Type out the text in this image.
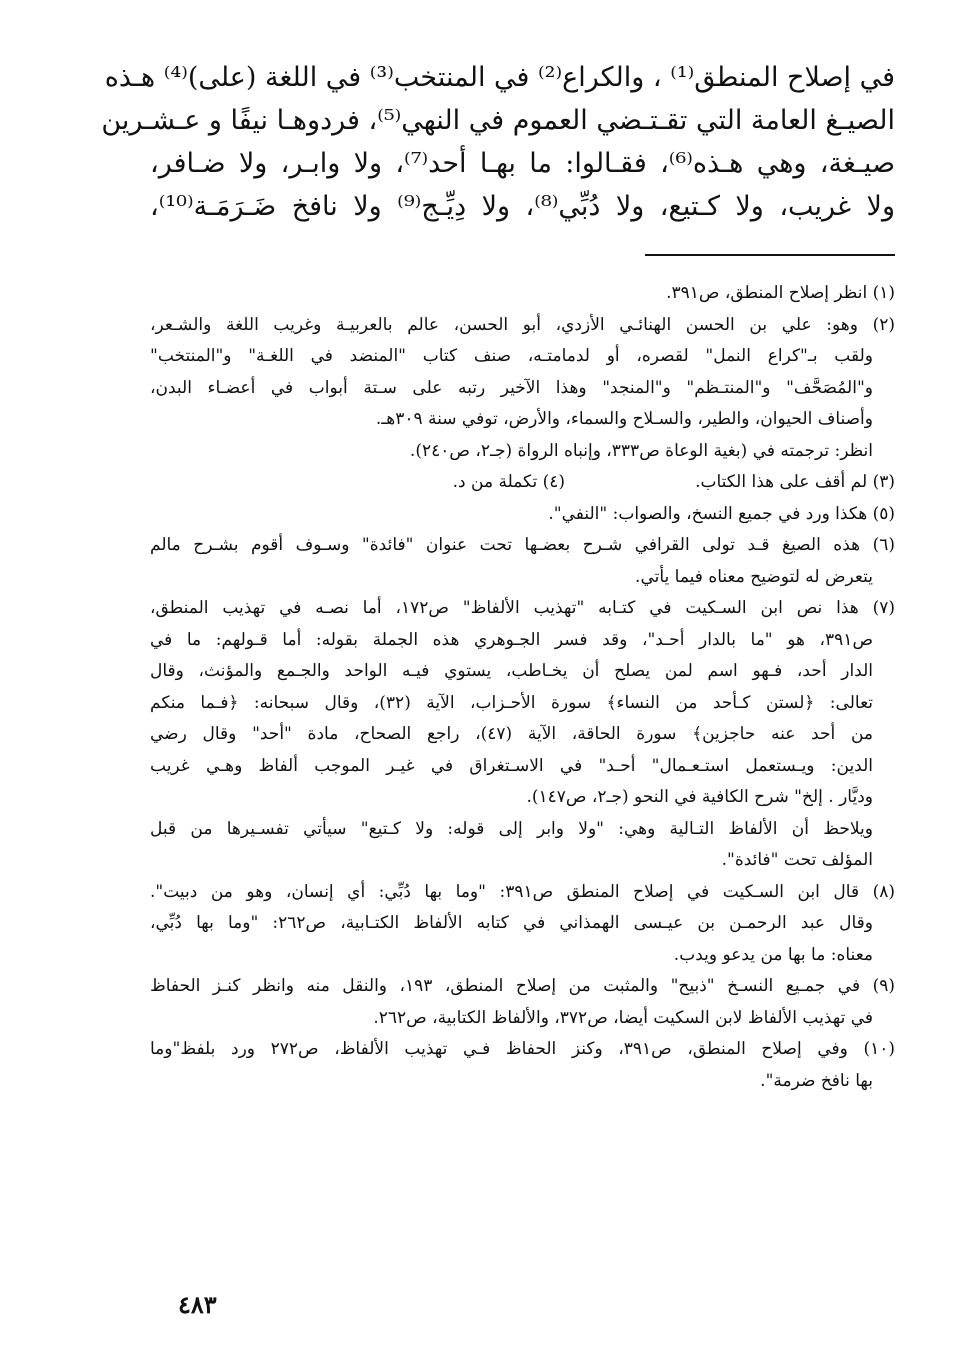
في إصلاح المنطق⁽¹⁾ ، والكراع⁽²⁾ في المنتخب⁽³⁾ في اللغة (على)⁽⁴⁾ هـذه
الصيـغ العامة التي تقـتـضي العموم في النهي⁽⁵⁾، فردوهـا نيفًا و عـشـرين
صيـغة، وهي هـذه⁽⁶⁾، فقـالوا: ما بهـا أحد⁽⁷⁾، ولا وابـر، ولا ضـافر،
ولا غريب، ولا كـتيع، ولا دُبِّي⁽⁸⁾، ولا دِيِّـج⁽⁹⁾ ولا نافخ ضَـرَمَـة⁽¹⁰⁾،
(١) انظر إصلاح المنطق، ص٣٩١.
(٢) وهو: علي بن الحسن الهنائـي الأزدي، أبو الحسن، عالم بالعربيـة وغريب اللغة والشـعر،
ولقب بـ"كراع النمل" لقصره، أو لدمامتـه، صنف كتاب "المنضد في اللغـة" و"المنتخب"
و"المُصَحَّف" و"المنتـظم" و"المنجد" وهذا الآخير رتبه على سـتة أبواب في أعضـاء البدن،
وأصناف الحيوان، والطير، والسـلاح والسماء، والأرض، توفي سنة ٣٠٩هـ.
انظر: ترجمته في (بغية الوعاة ص٣٣٣، وإنباه الرواة (جـ٢، ص٢٤٠).
(٣) لم أقف على هذا الكتاب.
(٤) تكملة من د.
(٥) هكذا ورد في جميع النسخ، والصواب: "النفي".
(٦) هذه الصيغ قـد تولى القرافي شـرح بعضـها تحت عنوان "فائدة" وسـوف أقوم بشـرح مالم
يتعرض له لتوضيح معناه فيما يأتي.
(٧) هذا نص ابن السـكيت في كتـابه "تهذيب الألفاظ" ص١٧٢، أما نصـه في تهذيب المنطق،
ص٣٩١، هو "ما بالدار أحـد"، وقد فسر الجـوهري هذه الجملة بقوله: أما قـولهم: ما في
الدار أحد، فـهو اسم لمن يصلح أن يخـاطب، يستوي فيـه الواحد والجـمع والمؤنث، وقال
تعالى: ﴿لستن كـأحد من النساء﴾ سورة الأحـزاب، الآية (٣٢)، وقال سبحانه: ﴿فـما منكم
من أحد عنه حاجزين﴾ سورة الحاقة، الآية (٤٧)، راجع الصحاح، مادة "أحد" وقال رضي
الدين: ويـستعمل استـعـمال" أحـد" في الاسـتغراق في غيـر الموجب ألفاظ وهـي غريب
وديَّار . إلخ" شرح الكافية في النحو (جـ٢، ص١٤٧).
ويلاحظ أن الألفاظ التـالية وهي: "ولا وابر إلى قوله: ولا كـتيع" سيأتي تفسـيرها من قبل
المؤلف تحت "فائدة".
(٨) قال ابن السـكيت في إصلاح المنطق ص٣٩١: "وما بها دُبِّي: أي إنسان، وهو من دبيت".
وقال عبد الرحمـن بن عيـسى الهمذاني في كتابه الألفاظ الكتـابية، ص٢٦٢: "وما بها دُبِّي،
معناه: ما بها من يدعو ويدب.
(٩) في جمـيع النسـخ "ذبيح" والمثبت من إصلاح المنطق، ١٩٣، والنقل منه وانظر كنـز الحفاظ
في تهذيب الألفاظ لابن السكيت أيضا، ص٣٧٢، والألفاظ الكتابية، ص٢٦٢.
(١٠) وفي إصلاح المنطق، ص٣٩١، وكنز الحفاظ فـي تهذيب الألفاظ، ص٢٧٢ ورد بلفظ"وما
بها نافخ ضرمة".
٤٨٣
